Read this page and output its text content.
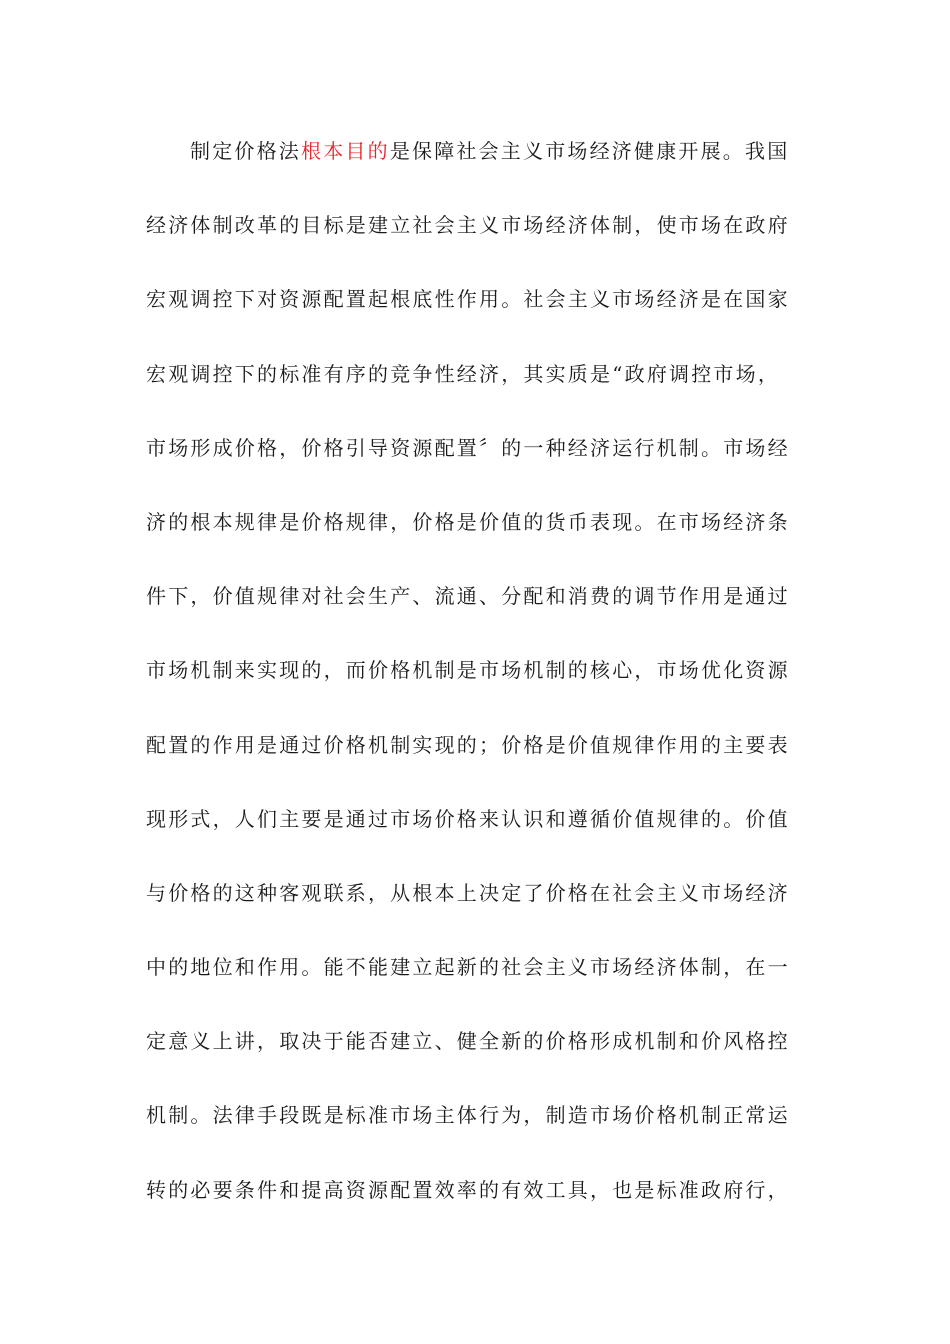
制定价格法根本目的是保障社会主义市场经济健康开展。我国
经济体制改革的目标是建立社会主义市场经济体制，使市场在政府
宏观调控下对资源配置起根底性作用。社会主义市场经济是在国家
宏观调控下的标准有序的竞争性经济，其实质是“政府调控市场，
市场形成价格，价格引导资源配置〞的一种经济运行机制。市场经
济的根本规律是价格规律，价格是价值的货币表现。在市场经济条
件下，价值规律对社会生产、流通、分配和消费的调节作用是通过
市场机制来实现的，而价格机制是市场机制的核心，市场优化资源
配置的作用是通过价格机制实现的；价格是价值规律作用的主要表
现形式，人们主要是通过市场价格来认识和遵循价值规律的。价值
与价格的这种客观联系，从根本上决定了价格在社会主义市场经济
中的地位和作用。能不能建立起新的社会主义市场经济体制，在一
定意义上讲，取决于能否建立、健全新的价格形成机制和价风格控
机制。法律手段既是标准市场主体行为，制造市场价格机制正常运
转的必要条件和提高资源配置效率的有效工具，也是标准政府行，
